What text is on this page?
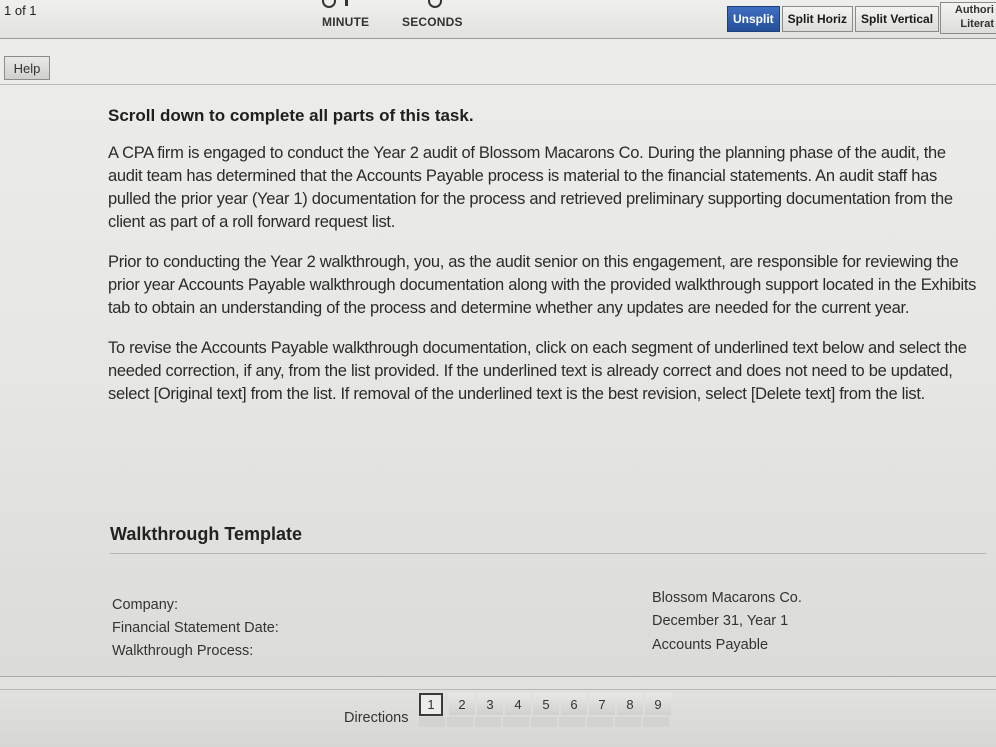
1 of 1
MINUTE	SECONDS	Unsplit	Split Horiz	Split Vertical
Authori
Literat
Help
Scroll down to complete all parts of this task.

A CPA firm is engaged to conduct the Year 2 audit of Blossom Macarons Co. During the planning phase of the audit, the audit team has determined that the Accounts Payable process is material to the financial statements. An audit staff has pulled the prior year (Year 1) documentation for the process and retrieved preliminary supporting documentation from the client as part of a roll forward request list.

Prior to conducting the Year 2 walkthrough, you, as the audit senior on this engagement, are responsible for reviewing the prior year Accounts Payable walkthrough documentation along with the provided walkthrough support located in the Exhibits tab to obtain an understanding of the process and determine whether any updates are needed for the current year.

To revise the Accounts Payable walkthrough documentation, click on each segment of underlined text below and select the needed correction, if any, from the list provided. If the underlined text is already correct and does not need to be updated, select [Original text] from the list. If removal of the underlined text is the best revision, select [Delete text] from the list.

Walkthrough Template
Company:	Blossom Macarons Co.
Financial Statement Date:	December 31, Year 1
Walkthrough Process:	Accounts Payable
Directions
1	2	3	4	5	6	7	8	9
